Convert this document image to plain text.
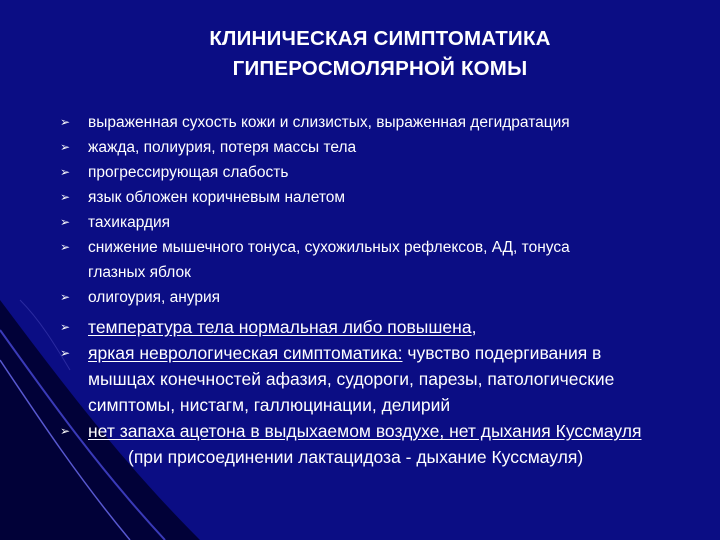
КЛИНИЧЕСКАЯ СИМПТОМАТИКА
ГИПЕРОСМОЛЯРНОЙ КОМЫ
➢ выраженная сухость кожи и слизистых, выраженная дегидратация
➢ жажда, полиурия, потеря массы тела
➢ прогрессирующая слабость
➢ язык обложен коричневым налетом
➢ тахикардия
➢ снижение мышечного тонуса, сухожильных рефлексов, АД, тонуса глазных яблок
➢ олигоурия, анурия
➢ температура тела нормальная либо повышена,
➢ яркая неврологическая симптоматика: чувство подергивания в мышцах конечностей афазия, судороги, парезы, патологические симптомы, нистагм, галлюцинации, делирий
➢ нет запаха ацетона в выдыхаемом воздухе, нет дыхания Куссмауля(при присоединении лактацидоза - дыхание Куссмауля)
